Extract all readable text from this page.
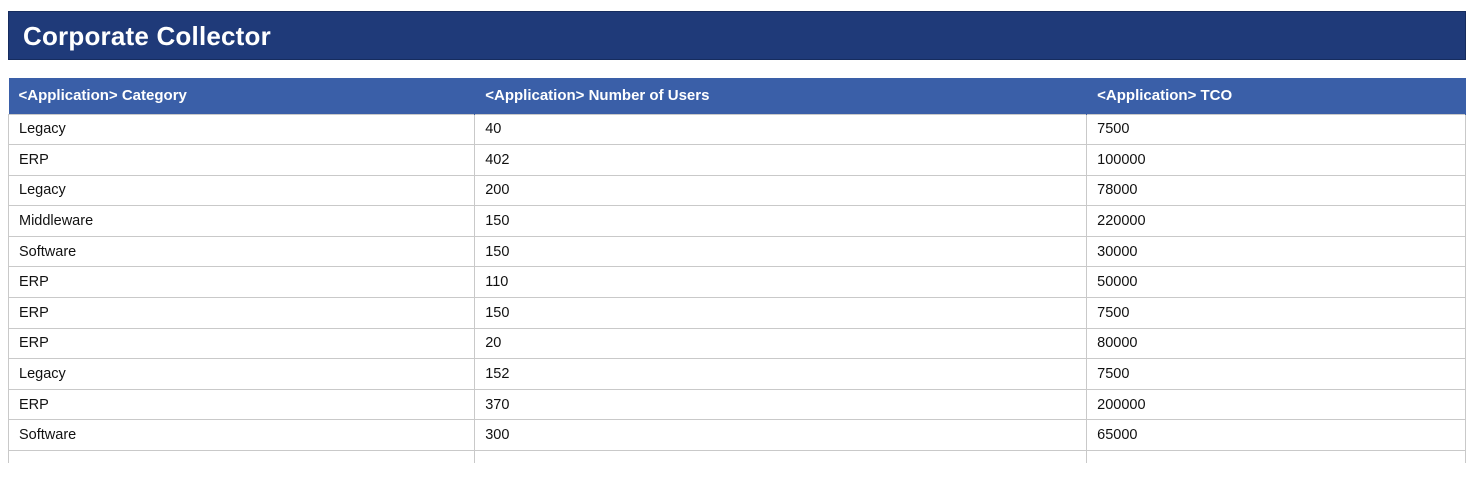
Corporate Collector
<Application> Category	<Application> Number of Users	<Application> TCO
Legacy	40	7500
ERP	402	100000
Legacy	200	78000
Middleware	150	220000
Software	150	30000
ERP	110	50000
ERP	150	7500
ERP	20	80000
Legacy	152	7500
ERP	370	200000
Software	300	65000
